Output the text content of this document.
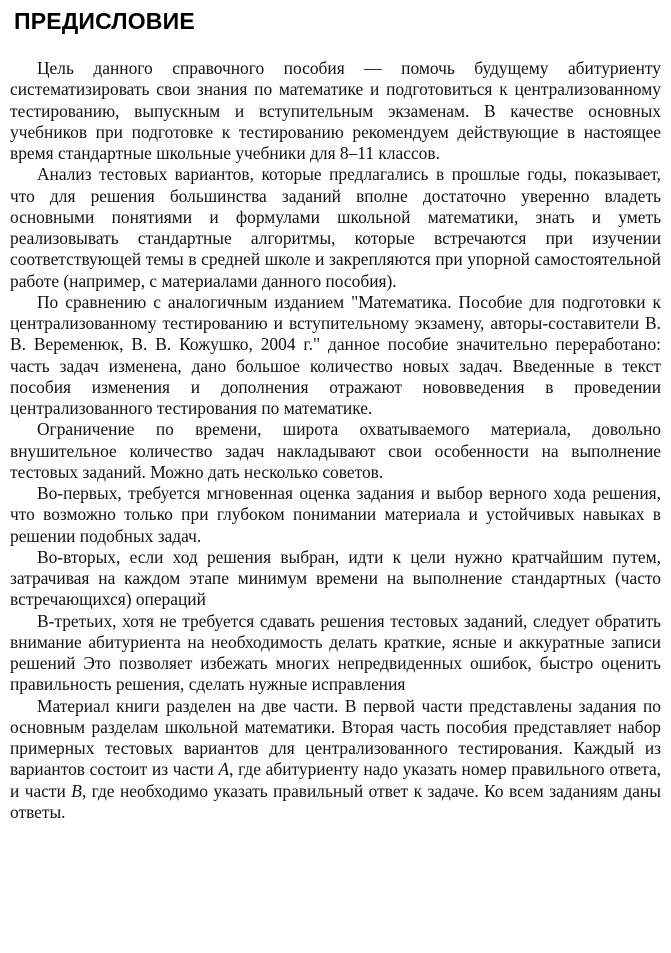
ПРЕДИСЛОВИЕ

Цель данного справочного пособия — помочь будущему абитуриенту систематизировать свои знания по математике и подготовиться к централизованному тестированию, выпускным и вступительным экзаменам. В качестве основных учебников при подготовке к тестированию рекомендуем действующие в настоящее время стандартные школьные учебники для 8–11 классов.

Анализ тестовых вариантов, которые предлагались в прошлые годы, показывает, что для решения большинства заданий вполне достаточно уверенно владеть основными понятиями и формулами школьной математики, знать и уметь реализовывать стандартные алгоритмы, которые встречаются при изучении соответствующей темы в средней школе и закрепляются при упорной самостоятельной работе (например, с материалами данного пособия).

По сравнению с аналогичным изданием "Математика. Пособие для подготовки к централизованному тестированию и вступительному экзамену, авторы-составители В. В. Веременюк, В. В. Кожушко, 2004 г." данное пособие значительно переработано: часть задач изменена, дано большое количество новых задач. Введенные в текст пособия изменения и дополнения отражают нововведения в проведении централизованного тестирования по математике.

Ограничение по времени, широта охватываемого материала, довольно внушительное количество задач накладывают свои особенности на выполнение тестовых заданий. Можно дать несколько советов.

Во-первых, требуется мгновенная оценка задания и выбор верного хода решения, что возможно только при глубоком понимании материала и устойчивых навыках в решении подобных задач.

Во-вторых, если ход решения выбран, идти к цели нужно кратчайшим путем, затрачивая на каждом этапе минимум времени на выполнение стандартных (часто встречающихся) операций

В-третьих, хотя не требуется сдавать решения тестовых заданий, следует обратить внимание абитуриента на необходимость делать краткие, ясные и аккуратные записи решений Это позволяет избежать многих непредвиденных ошибок, быстро оценить правильность решения, сделать нужные исправления

Материал книги разделен на две части. В первой части представлены задания по основным разделам школьной математики. Вторая часть пособия представляет набор примерных тестовых вариантов для централизованного тестирования. Каждый из вариантов состоит из части А, где абитуриенту надо указать номер правильного ответа, и части В, где необходимо указать правильный ответ к задаче. Ко всем заданиям даны ответы.
